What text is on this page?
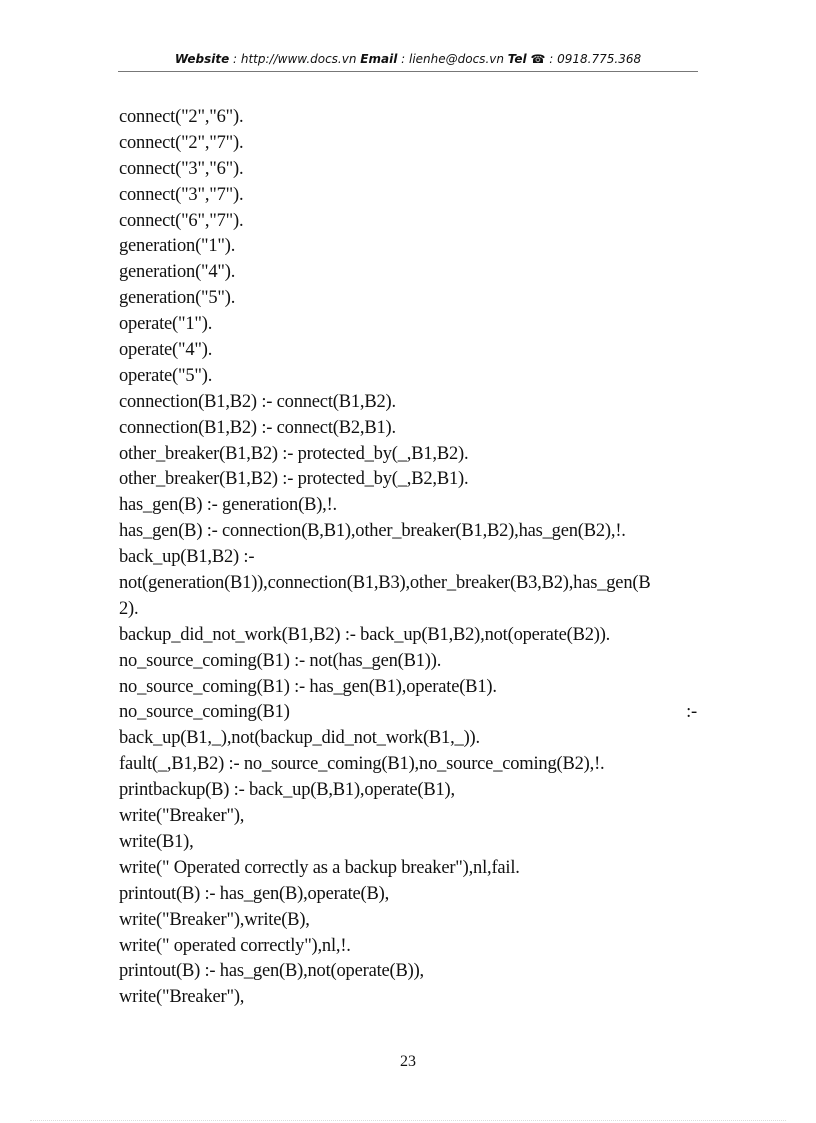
Website : http://www.docs.vn Email : lienhe@docs.vn Tel ☎ : 0918.775.368
connect("2","6").
connect("2","7").
connect("3","6").
connect("3","7").
connect("6","7").
generation("1").
generation("4").
generation("5").
operate("1").
operate("4").
operate("5").
connection(B1,B2) :- connect(B1,B2).
connection(B1,B2) :- connect(B2,B1).
other_breaker(B1,B2) :- protected_by(_,B1,B2).
other_breaker(B1,B2) :- protected_by(_,B2,B1).
has_gen(B) :- generation(B),!.
has_gen(B) :- connection(B,B1),other_breaker(B1,B2),has_gen(B2),!.
back_up(B1,B2) :-
not(generation(B1)),connection(B1,B3),other_breaker(B3,B2),has_gen(B
2).
backup_did_not_work(B1,B2) :- back_up(B1,B2),not(operate(B2)).
no_source_coming(B1) :- not(has_gen(B1)).
no_source_coming(B1) :- has_gen(B1),operate(B1).
no_source_coming(B1)	:-
back_up(B1,_),not(backup_did_not_work(B1,_)).
fault(_,B1,B2) :- no_source_coming(B1),no_source_coming(B2),!.
printbackup(B) :- back_up(B,B1),operate(B1),
write("Breaker"),
write(B1),
write(" Operated correctly as a backup breaker"),nl,fail.
printout(B) :- has_gen(B),operate(B),
write("Breaker"),write(B),
write(" operated correctly"),nl,!.
printout(B) :- has_gen(B),not(operate(B)),
write("Breaker"),
23
